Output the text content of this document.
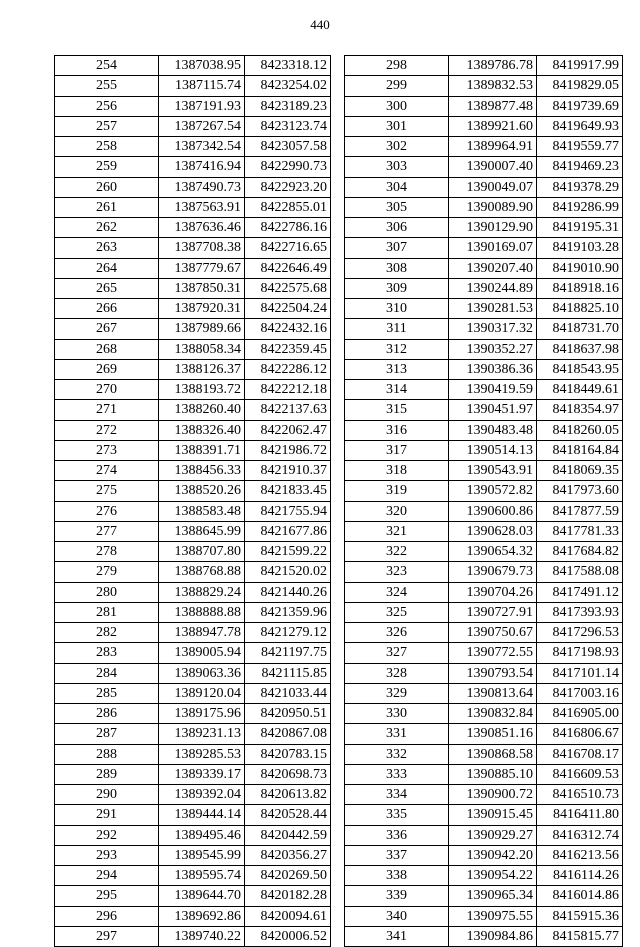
440
254	1387038.95	8423318.12
255	1387115.74	8423254.02
256	1387191.93	8423189.23
257	1387267.54	8423123.74
258	1387342.54	8423057.58
259	1387416.94	8422990.73
260	1387490.73	8422923.20
261	1387563.91	8422855.01
262	1387636.46	8422786.16
263	1387708.38	8422716.65
264	1387779.67	8422646.49
265	1387850.31	8422575.68
266	1387920.31	8422504.24
267	1387989.66	8422432.16
268	1388058.34	8422359.45
269	1388126.37	8422286.12
270	1388193.72	8422212.18
271	1388260.40	8422137.63
272	1388326.40	8422062.47
273	1388391.71	8421986.72
274	1388456.33	8421910.37
275	1388520.26	8421833.45
276	1388583.48	8421755.94
277	1388645.99	8421677.86
278	1388707.80	8421599.22
279	1388768.88	8421520.02
280	1388829.24	8421440.26
281	1388888.88	8421359.96
282	1388947.78	8421279.12
283	1389005.94	8421197.75
284	1389063.36	8421115.85
285	1389120.04	8421033.44
286	1389175.96	8420950.51
287	1389231.13	8420867.08
288	1389285.53	8420783.15
289	1389339.17	8420698.73
290	1389392.04	8420613.82
291	1389444.14	8420528.44
292	1389495.46	8420442.59
293	1389545.99	8420356.27
294	1389595.74	8420269.50
295	1389644.70	8420182.28
296	1389692.86	8420094.61
297	1389740.22	8420006.52
298	1389786.78	8419917.99
299	1389832.53	8419829.05
300	1389877.48	8419739.69
301	1389921.60	8419649.93
302	1389964.91	8419559.77
303	1390007.40	8419469.23
304	1390049.07	8419378.29
305	1390089.90	8419286.99
306	1390129.90	8419195.31
307	1390169.07	8419103.28
308	1390207.40	8419010.90
309	1390244.89	8418918.16
310	1390281.53	8418825.10
311	1390317.32	8418731.70
312	1390352.27	8418637.98
313	1390386.36	8418543.95
314	1390419.59	8418449.61
315	1390451.97	8418354.97
316	1390483.48	8418260.05
317	1390514.13	8418164.84
318	1390543.91	8418069.35
319	1390572.82	8417973.60
320	1390600.86	8417877.59
321	1390628.03	8417781.33
322	1390654.32	8417684.82
323	1390679.73	8417588.08
324	1390704.26	8417491.12
325	1390727.91	8417393.93
326	1390750.67	8417296.53
327	1390772.55	8417198.93
328	1390793.54	8417101.14
329	1390813.64	8417003.16
330	1390832.84	8416905.00
331	1390851.16	8416806.67
332	1390868.58	8416708.17
333	1390885.10	8416609.53
334	1390900.72	8416510.73
335	1390915.45	8416411.80
336	1390929.27	8416312.74
337	1390942.20	8416213.56
338	1390954.22	8416114.26
339	1390965.34	8416014.86
340	1390975.55	8415915.36
341	1390984.86	8415815.77
